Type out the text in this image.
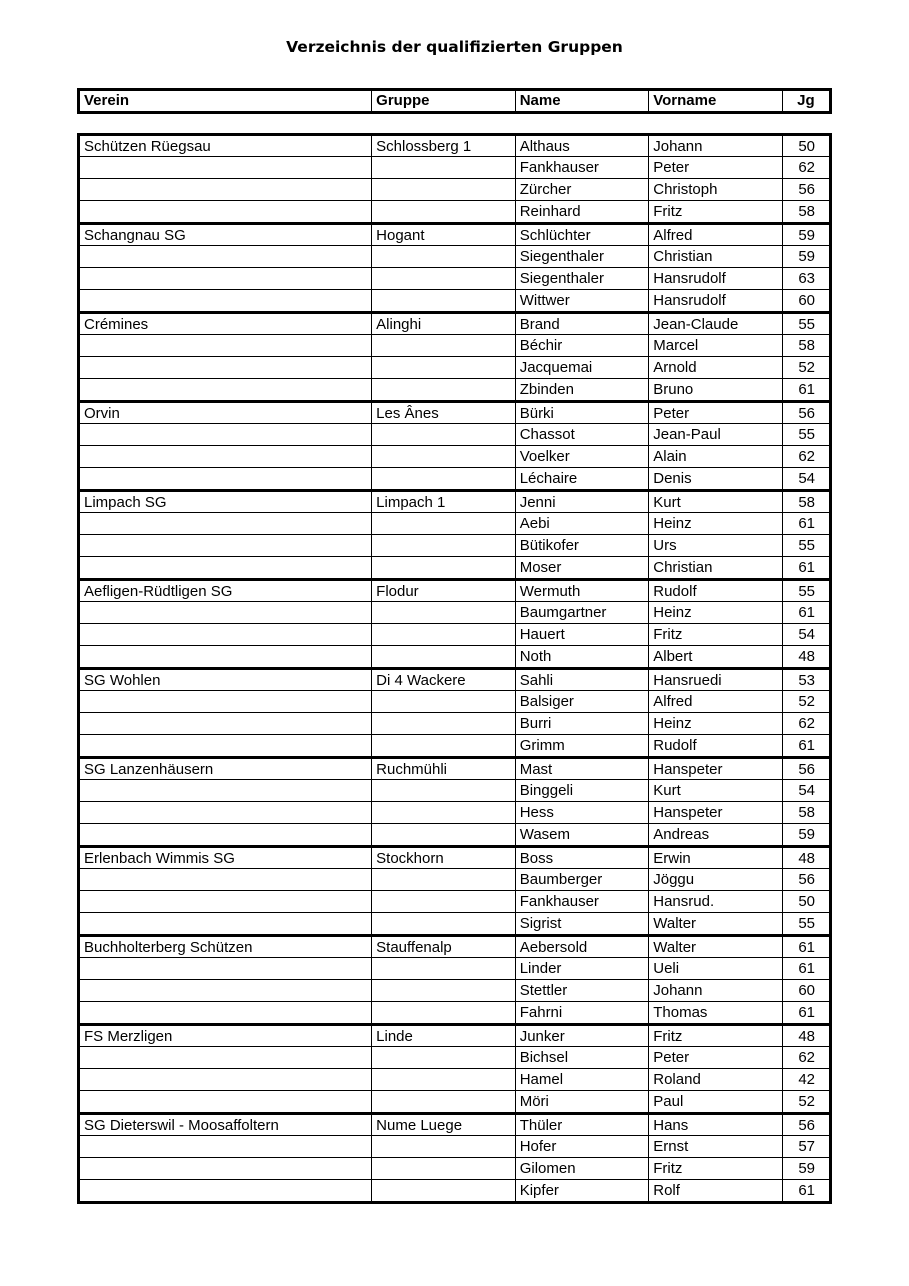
Verzeichnis der qualifizierten Gruppen
Verein	Gruppe	Name	Vorname	Jg
Schützen Rüegsau	Schlossberg 1	Althaus	Johann	50
		Fankhauser	Peter	62
		Zürcher	Christoph	56
		Reinhard	Fritz	58
Schangnau SG	Hogant	Schlüchter	Alfred	59
		Siegenthaler	Christian	59
		Siegenthaler	Hansrudolf	63
		Wittwer	Hansrudolf	60
Crémines	Alinghi	Brand	Jean-Claude	55
		Béchir	Marcel	58
		Jacquemai	Arnold	52
		Zbinden	Bruno	61
Orvin	Les Ânes	Bürki	Peter	56
		Chassot	Jean-Paul	55
		Voelker	Alain	62
		Léchaire	Denis	54
Limpach SG	Limpach 1	Jenni	Kurt	58
		Aebi	Heinz	61
		Bütikofer	Urs	55
		Moser	Christian	61
Aefligen-Rüdtligen SG	Flodur	Wermuth	Rudolf	55
		Baumgartner	Heinz	61
		Hauert	Fritz	54
		Noth	Albert	48
SG Wohlen	Di 4 Wackere	Sahli	Hansruedi	53
		Balsiger	Alfred	52
		Burri	Heinz	62
		Grimm	Rudolf	61
SG Lanzenhäusern	Ruchmühli	Mast	Hanspeter	56
		Binggeli	Kurt	54
		Hess	Hanspeter	58
		Wasem	Andreas	59
Erlenbach Wimmis SG	Stockhorn	Boss	Erwin	48
		Baumberger	Jöggu	56
		Fankhauser	Hansrud.	50
		Sigrist	Walter	55
Buchholterberg Schützen	Stauffenalp	Aebersold	Walter	61
		Linder	Ueli	61
		Stettler	Johann	60
		Fahrni	Thomas	61
FS Merzligen	Linde	Junker	Fritz	48
		Bichsel	Peter	62
		Hamel	Roland	42
		Möri	Paul	52
SG Dieterswil - Moosaffoltern	Nume Luege	Thüler	Hans	56
		Hofer	Ernst	57
		Gilomen	Fritz	59
		Kipfer	Rolf	61
